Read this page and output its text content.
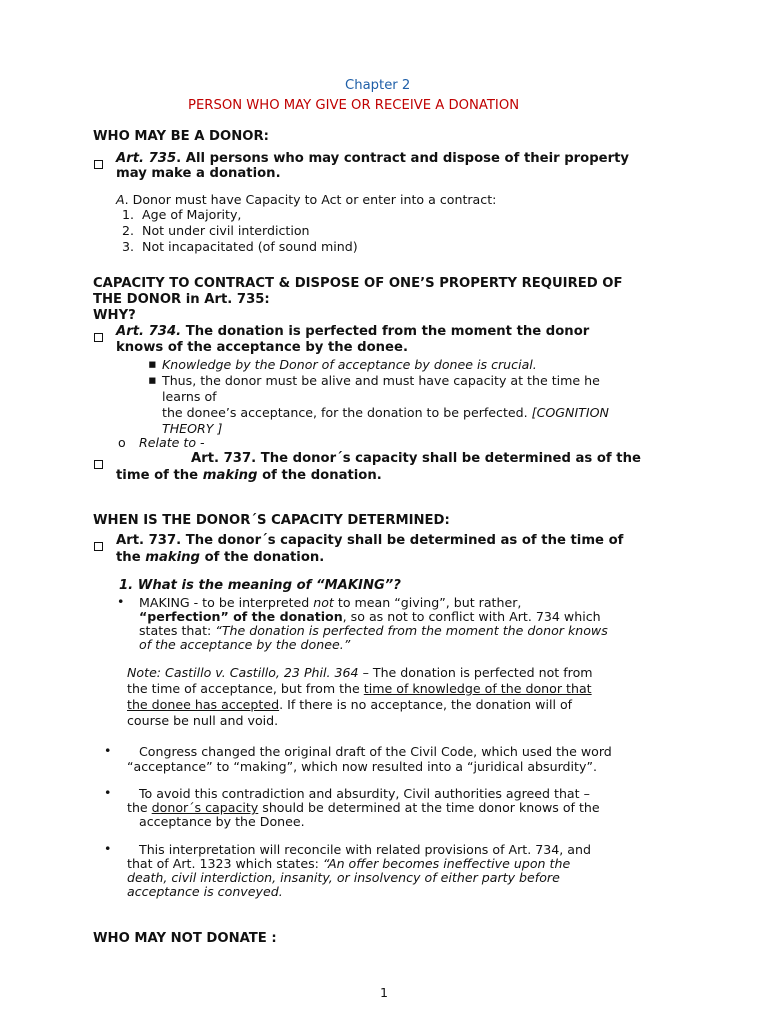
Chapter 2
PERSON WHO MAY GIVE OR RECEIVE A DONATION
WHO MAY BE A DONOR:
Art. 735. All persons who may contract and dispose of their property
may make a donation.
A. Donor must have Capacity to Act or enter into a contract:
1. Age of Majority,
2. Not under civil interdiction
3. Not incapacitated (of sound mind)
CAPACITY TO CONTRACT & DISPOSE OF ONE’S PROPERTY REQUIRED OF
THE DONOR in Art. 735:
WHY?
Art. 734. The donation is perfected from the moment the donor
knows of the acceptance by the donee.
▪ Knowledge by the Donor of acceptance by donee is crucial.
▪ Thus, the donor must be alive and must have capacity at the time he
learns of
the donee’s acceptance, for the donation to be perfected. [COGNITION
THEORY ]
o Relate to -
Art. 737. The donor´s capacity shall be determined as of the
time of the making of the donation.
WHEN IS THE DONOR´S CAPACITY DETERMINED:
Art. 737. The donor´s capacity shall be determined as of the time of
the making of the donation.
1. What is the meaning of “MAKING”?
• MAKING - to be interpreted not to mean “giving”, but rather,
“perfection” of the donation, so as not to conflict with Art. 734 which
states that: “The donation is perfected from the moment the donor knows
of the acceptance by the donee.”
Note: Castillo v. Castillo, 23 Phil. 364 – The donation is perfected not from
the time of acceptance, but from the time of knowledge of the donor that
the donee has accepted. If there is no acceptance, the donation will of
course be null and void.
• Congress changed the original draft of the Civil Code, which used the word
“acceptance” to “making”, which now resulted into a “juridical absurdity”.
• To avoid this contradiction and absurdity, Civil authorities agreed that –
the donor´s capacity should be determined at the time donor knows of the
acceptance by the Donee.
• This interpretation will reconcile with related provisions of Art. 734, and
that of Art. 1323 which states: “An offer becomes ineffective upon the
death, civil interdiction, insanity, or insolvency of either party before
acceptance is conveyed.
WHO MAY NOT DONATE :
1
